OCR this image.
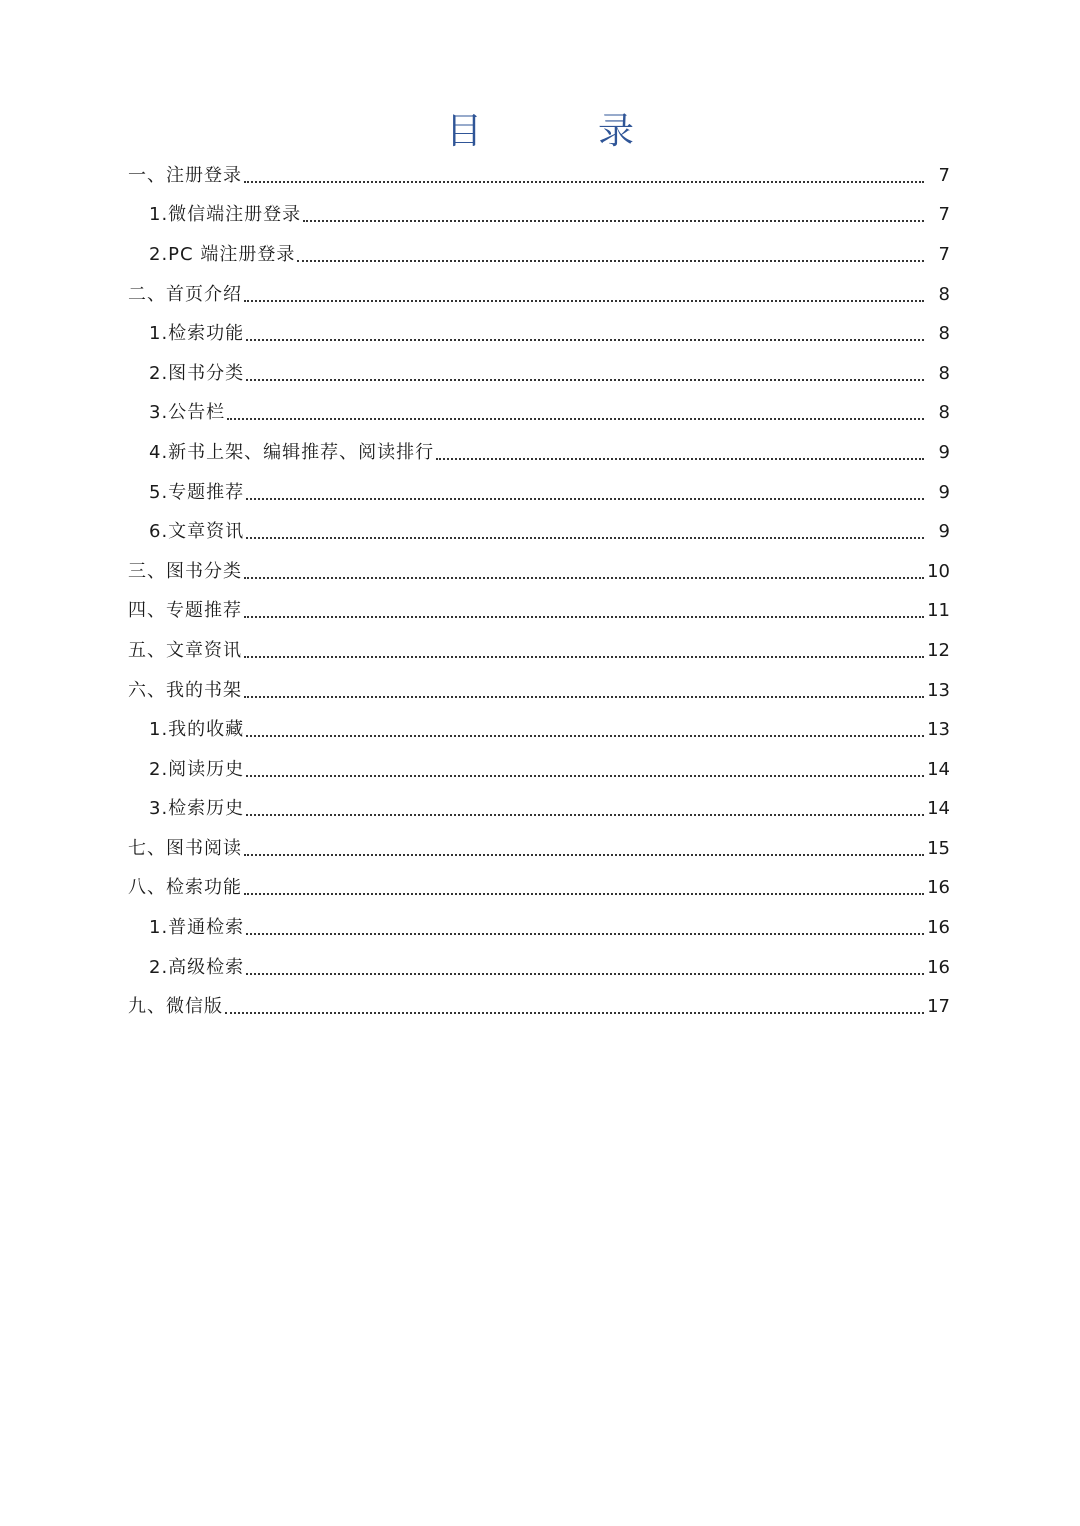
目　录
一、注册登录	7
1.微信端注册登录	7
2.PC 端注册登录	7
二、首页介绍	8
1.检索功能	8
2.图书分类	8
3.公告栏	8
4.新书上架、编辑推荐、阅读排行	9
5.专题推荐	9
6.文章资讯	9
三、图书分类	10
四、专题推荐	11
五、文章资讯	12
六、我的书架	13
1.我的收藏	13
2.阅读历史	14
3.检索历史	14
七、图书阅读	15
八、检索功能	16
1.普通检索	16
2.高级检索	16
九、微信版	17
